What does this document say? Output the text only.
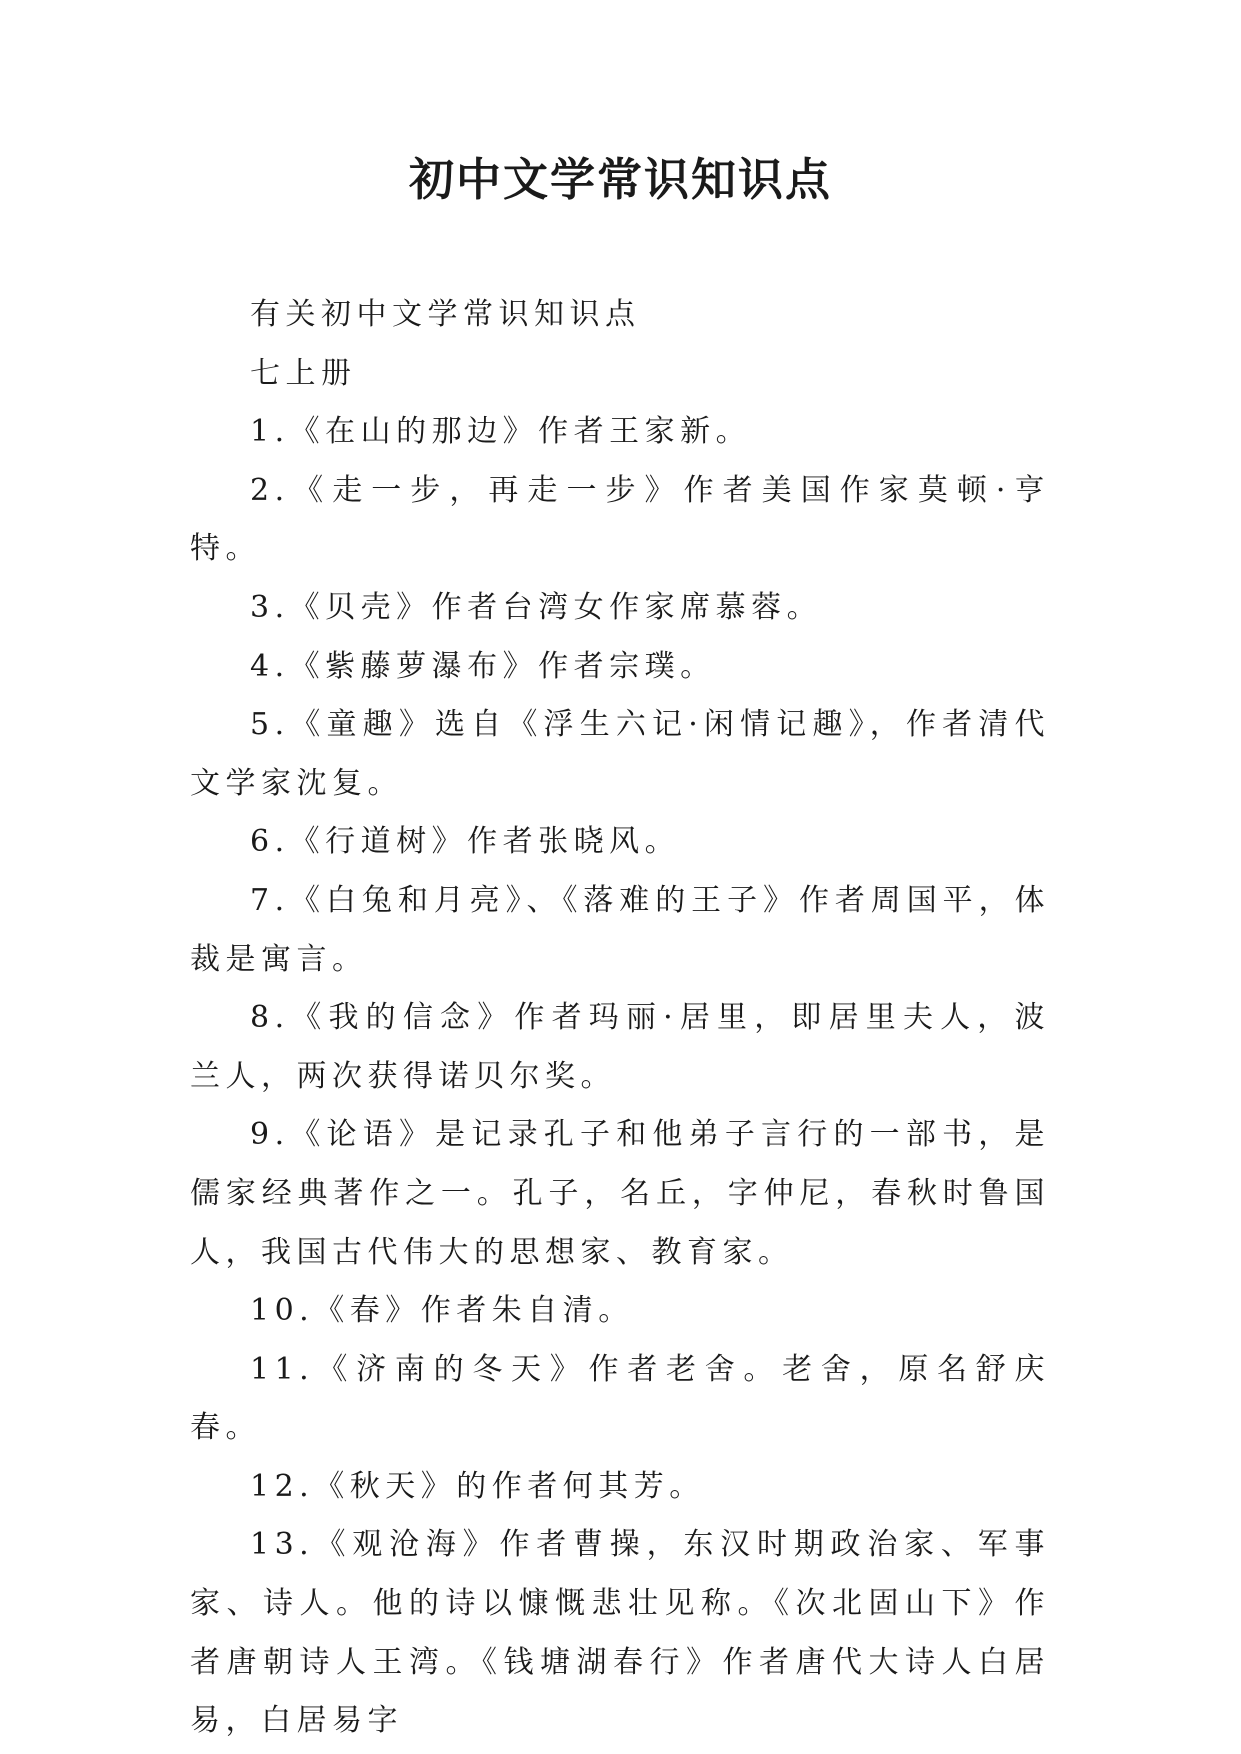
初中文学常识知识点

有关初中文学常识知识点

七上册

1.《在山的那边》作者王家新。

2.《走一步，再走一步》作者美国作家莫顿·亨特。

3.《贝壳》作者台湾女作家席慕蓉。

4.《紫藤萝瀑布》作者宗璞。

5.《童趣》选自《浮生六记·闲情记趣》，作者清代文学家沈复。

6.《行道树》作者张晓风。

7.《白兔和月亮》、《落难的王子》作者周国平，体裁是寓言。

8.《我的信念》作者玛丽·居里，即居里夫人，波兰人，两次获得诺贝尔奖。

9.《论语》是记录孔子和他弟子言行的一部书，是儒家经典著作之一。孔子，名丘，字仲尼，春秋时鲁国人，我国古代伟大的思想家、教育家。

10.《春》作者朱自清。

11.《济南的冬天》作者老舍。老舍，原名舒庆春。

12.《秋天》的作者何其芳。

13.《观沧海》作者曹操，东汉时期政治家、军事家、诗人。他的诗以慷慨悲壮见称。《次北固山下》作者唐朝诗人王湾。《钱塘湖春行》作者唐代大诗人白居易，白居易字
